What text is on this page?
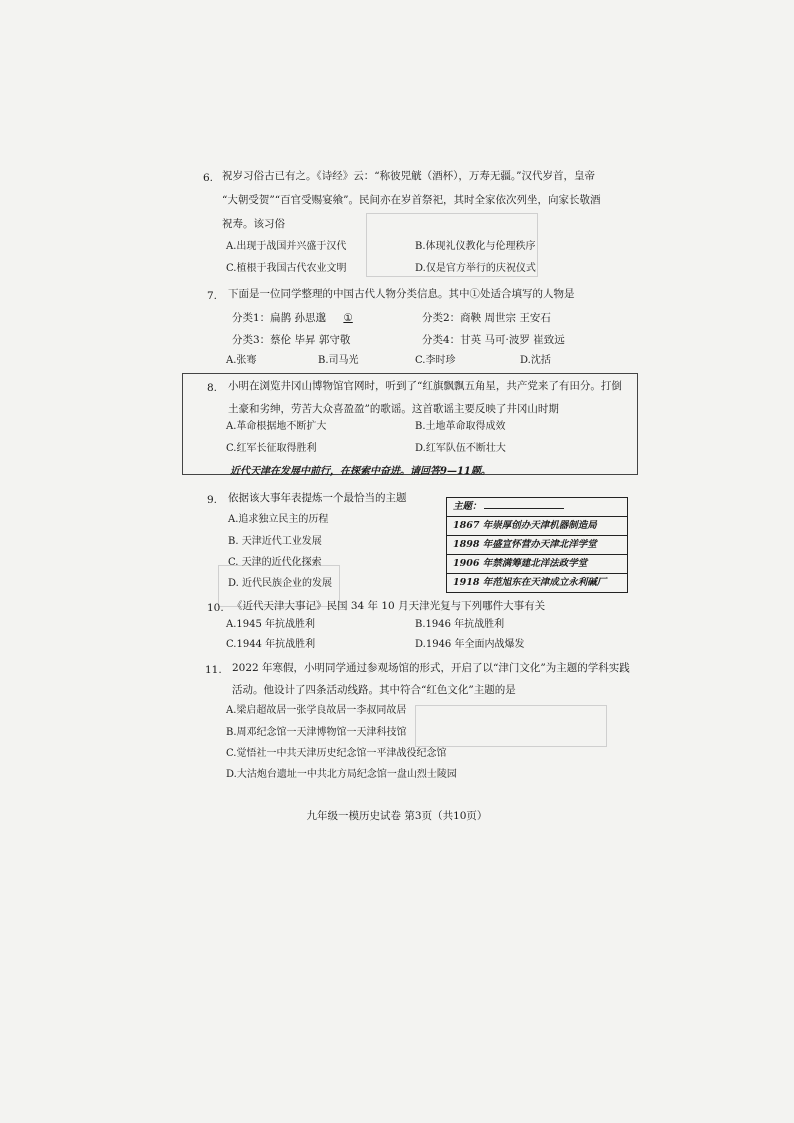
6. 祝岁习俗古已有之。《诗经》云：“称彼兕觥（酒杯），万寿无疆。”汉代岁首，皇帝
“大朝受贺”“百官受赐宴飨”。民间亦在岁首祭祀，其时全家依次列坐，向家长敬酒
祝寿。该习俗
A.出现于战国并兴盛于汉代	B.体现礼仪教化与伦理秩序
C.植根于我国古代农业文明	D.仅是官方举行的庆祝仪式
7. 下面是一位同学整理的中国古代人物分类信息。其中①处适合填写的人物是
分类1：扁鹊 孙思邈 ①	分类2：商鞅 周世宗 王安石
分类3：蔡伦 毕昇 郭守敬	分类4：甘英 马可·波罗 崔致远
A.张骞	B.司马光	C.李时珍	D.沈括
8. 小明在浏览井冈山博物馆官网时，听到了“红旗飘飘五角星，共产党来了有田分。打倒
土豪和劣绅，劳苦大众喜盈盈”的歌谣。这首歌谣主要反映了井冈山时期
A.革命根据地不断扩大	B.土地革命取得成效
C.红军长征取得胜利	D.红军队伍不断壮大
近代天津在发展中前行，在探索中奋进。请回答9—11题。
9. 依据该大事年表提炼一个最恰当的主题
A.追求独立民主的历程
B. 天津近代工业发展
C. 天津的近代化探索
D. 近代民族企业的发展
主题：
1867 年崇厚创办天津机器制造局
1898 年盛宣怀营办天津北洋学堂
1906 年禁满筹建北洋法政学堂
1918 年范旭东在天津成立永利碱厂
10. 《近代天津大事记》民国 34 年 10 月天津光复与下列哪件大事有关
A.1945 年抗战胜利	B.1946 年抗战胜利
C.1944 年抗战胜利	D.1946 年全面内战爆发
11. 2022 年寒假，小明同学通过参观场馆的形式，开启了以“津门文化”为主题的学科实践
活动。他设计了四条活动线路。其中符合“红色文化”主题的是
A.梁启超故居一张学良故居一李叔同故居
B.周邓纪念馆一天津博物馆一天津科技馆
C.觉悟社一中共天津历史纪念馆一平津战役纪念馆
D.大沽炮台遗址一中共北方局纪念馆一盘山烈士陵园
九年级一模历史试卷 第3页（共10页）
